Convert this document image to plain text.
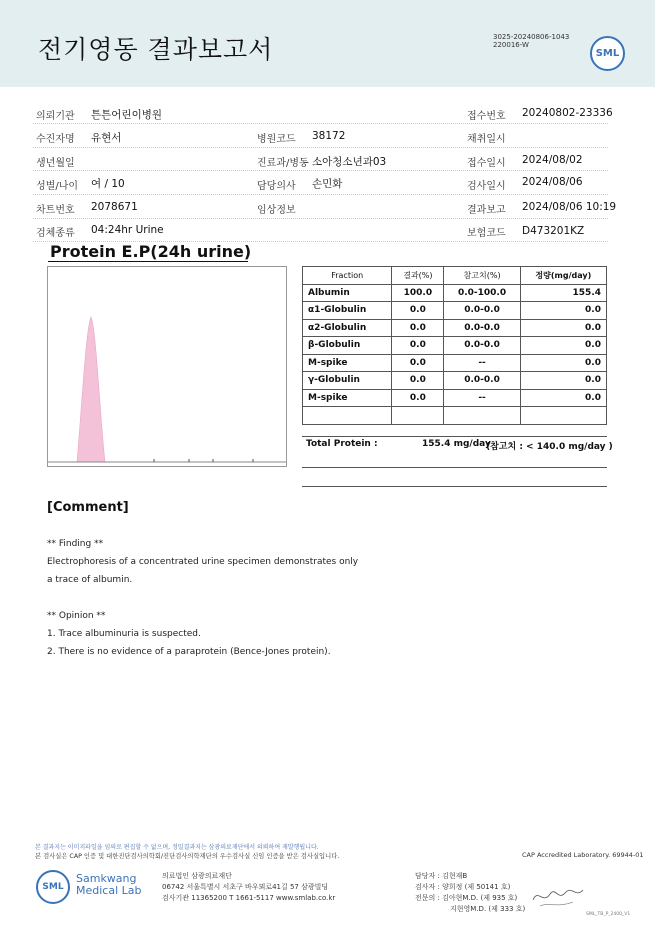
전기영동 결과보고서	3025-20240806-1043
220016-W
SML
의뢰기관 튼튼어린이병원	접수번호 20240802-23336
수진자명 유현서	병원코드 38172	채취일시
생년월일	진료과/병동 소아청소년과03	접수일시 2024/08/02
성별/나이 여 / 10	담당의사 손민화	검사일시 2024/08/06
차트번호 2078671	임상정보	결과보고 2024/08/06 10:19
검체종류 04:24hr Urine	보험코드 D473201KZ
Protein E.P(24h urine)
Fraction	결과(%)	참고치(%)	정량(mg/day)
Albumin	100.0	0.0-100.0	155.4
α1-Globulin	0.0	0.0-0.0	0.0
α2-Globulin	0.0	0.0-0.0	0.0
β-Globulin	0.0	0.0-0.0	0.0
M-spike	0.0	--	0.0
γ-Globulin	0.0	0.0-0.0	0.0
M-spike	0.0	--	0.0

Total Protein :	155.4 mg/day
(참고치 : < 140.0 mg/day )
[Comment]
** Finding **
Electrophoresis of a concentrated urine specimen demonstrates only
a trace of albumin.
** Opinion **
1. Trace albuminuria is suspected.
2. There is no evidence of a paraprotein (Bence-Jones protein).
본 결과지는 이미지파일을 임의로 편집할 수 없으며, 정밀결과지는 삼광의료재단에서 의뢰하여 재발행됩니다.
본 검사실은 CAP 인증 및 대한진단검사의학회/진단검사의학재단의 우수검사실 신임 인증을 받은 검사실입니다.	CAP Accredited Laboratory. 69944-01
SML
Samkwang
Medical Lab
의료법인 삼광의료재단
06742 서울특별시 서초구 바우뫼로41길 57 삼광빌딩
검사기관 11365200 T 1661-5117 www.smlab.co.kr
담당자 : 김현재B
검사자 : 양희정 (제 50141 호)
전문의 : 김아현M.D. (제 935 호)
지현영M.D. (제 333 호)
SML_TB_P_2400_V1
